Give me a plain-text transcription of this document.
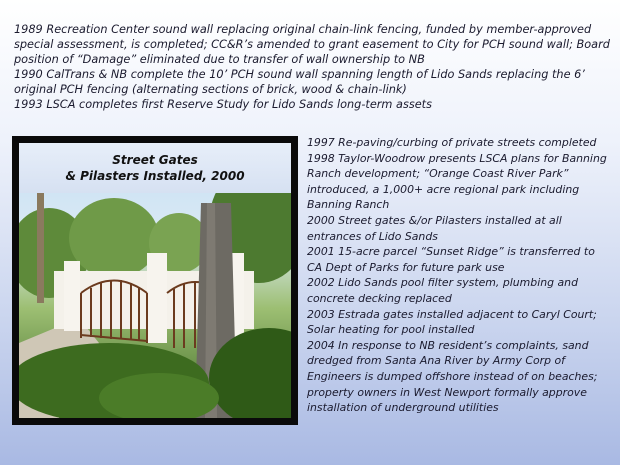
1989 Recreation Center sound wall replacing original chain-link fencing, funded by member-approved special assessment, is completed; CC&R’s amended to grant easement to City for PCH sound wall; Board position of “Damage” eliminated due to transfer of wall ownership to NB

1990 CalTrans & NB complete the 10’ PCH sound wall spanning length of Lido Sands replacing the 6’ original PCH fencing (alternating sections of brick, wood & chain-link)

1993 LSCA completes first Reserve Study for Lido Sands long-term assets

Street Gates
& Pilasters Installed, 2000

1997 Re-paving/curbing of private streets completed

1998 Taylor-Woodrow presents LSCA plans for Banning Ranch development; “Orange Coast River Park” introduced, a 1,000+ acre regional park including Banning Ranch

2000 Street gates &/or Pilasters installed at all entrances of Lido Sands

2001 15-acre parcel “Sunset Ridge” is transferred to CA Dept of Parks for future park use

2002 Lido Sands pool filter system, plumbing and concrete decking replaced

2003 Estrada gates installed adjacent to Caryl Court; Solar heating for pool installed

2004 In response to NB resident’s complaints, sand dredged from Santa Ana River by Army Corp of Engineers is dumped offshore instead of on beaches; property owners in West Newport formally approve installation of underground utilities
